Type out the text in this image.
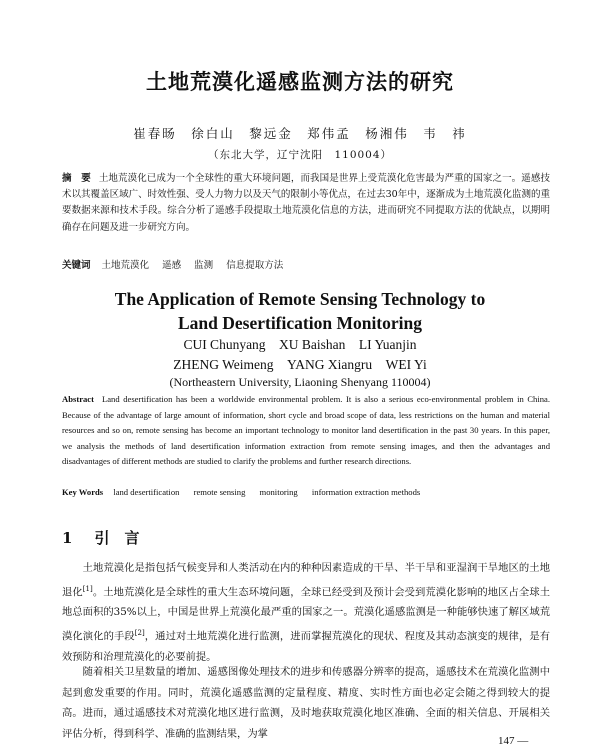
土地荒漠化遥感监测方法的研究
崔春旸　徐白山　黎远金　郑伟孟　杨湘伟　韦　祎
（东北大学，辽宁沈阳　110004）
摘　要 土地荒漠化已成为一个全球性的重大环境问题，而我国是世界上受荒漠化危害最为严重的国家之一。遥感技术以其覆盖区域广、时效性强、受人力物力以及天气的限制小等优点，在过去30年中，逐渐成为土地荒漠化监测的重要数据来源和技术手段。综合分析了遥感手段提取土地荒漠化信息的方法，进而研究不同提取方法的优缺点，以期明确存在问题及进一步研究方向。
关键词 土地荒漠化 遥感 监测 信息提取方法
The Application of Remote Sensing Technology to
Land Desertification Monitoring
CUI Chunyang　XU Baishan　LI Yuanjin
ZHENG Weimeng　YANG Xiangru　WEI Yi
(Northeastern University, Liaoning Shenyang 110004)
Abstract Land desertification has been a worldwide environmental problem. It is also a serious eco-environmental problem in China. Because of the advantage of large amount of information, short cycle and broad scope of data, less restrictions on the human and material resources and so on, remote sensing has become an important technology to monitor land desertification in the past 30 years. In this paper, we analysis the methods of land desertification information extraction from remote sensing images, and then the advantages and disadvantages of different methods are studied to clarify the problems and further research directions.
Key Words land desertification remote sensing monitoring information extraction methods
1 引　言
土地荒漠化是指包括气候变异和人类活动在内的种种因素造成的干旱、半干旱和亚湿润干旱地区的土地退化[1]。土地荒漠化是全球性的重大生态环境问题，全球已经受到及预计会受到荒漠化影响的地区占全球土地总面积的35%以上，中国是世界上荒漠化最严重的国家之一。荒漠化遥感监测是一种能够快速了解区域荒漠化演化的手段[2]，通过对土地荒漠化进行监测，进而掌握荒漠化的现状、程度及其动态演变的规律，是有效预防和治理荒漠化的必要前提。
随着相关卫星数量的增加、遥感图像处理技术的进步和传感器分辨率的提高，遥感技术在荒漠化监测中起到愈发重要的作用。同时，荒漠化遥感监测的定量程度、精度、实时性方面也必定会随之得到较大的提高。进而，通过遥感技术对荒漠化地区进行监测，及时地获取荒漠化地区准确、全面的相关信息、开展相关评估分析，得到科学、准确的监测结果，为掌
147 —
